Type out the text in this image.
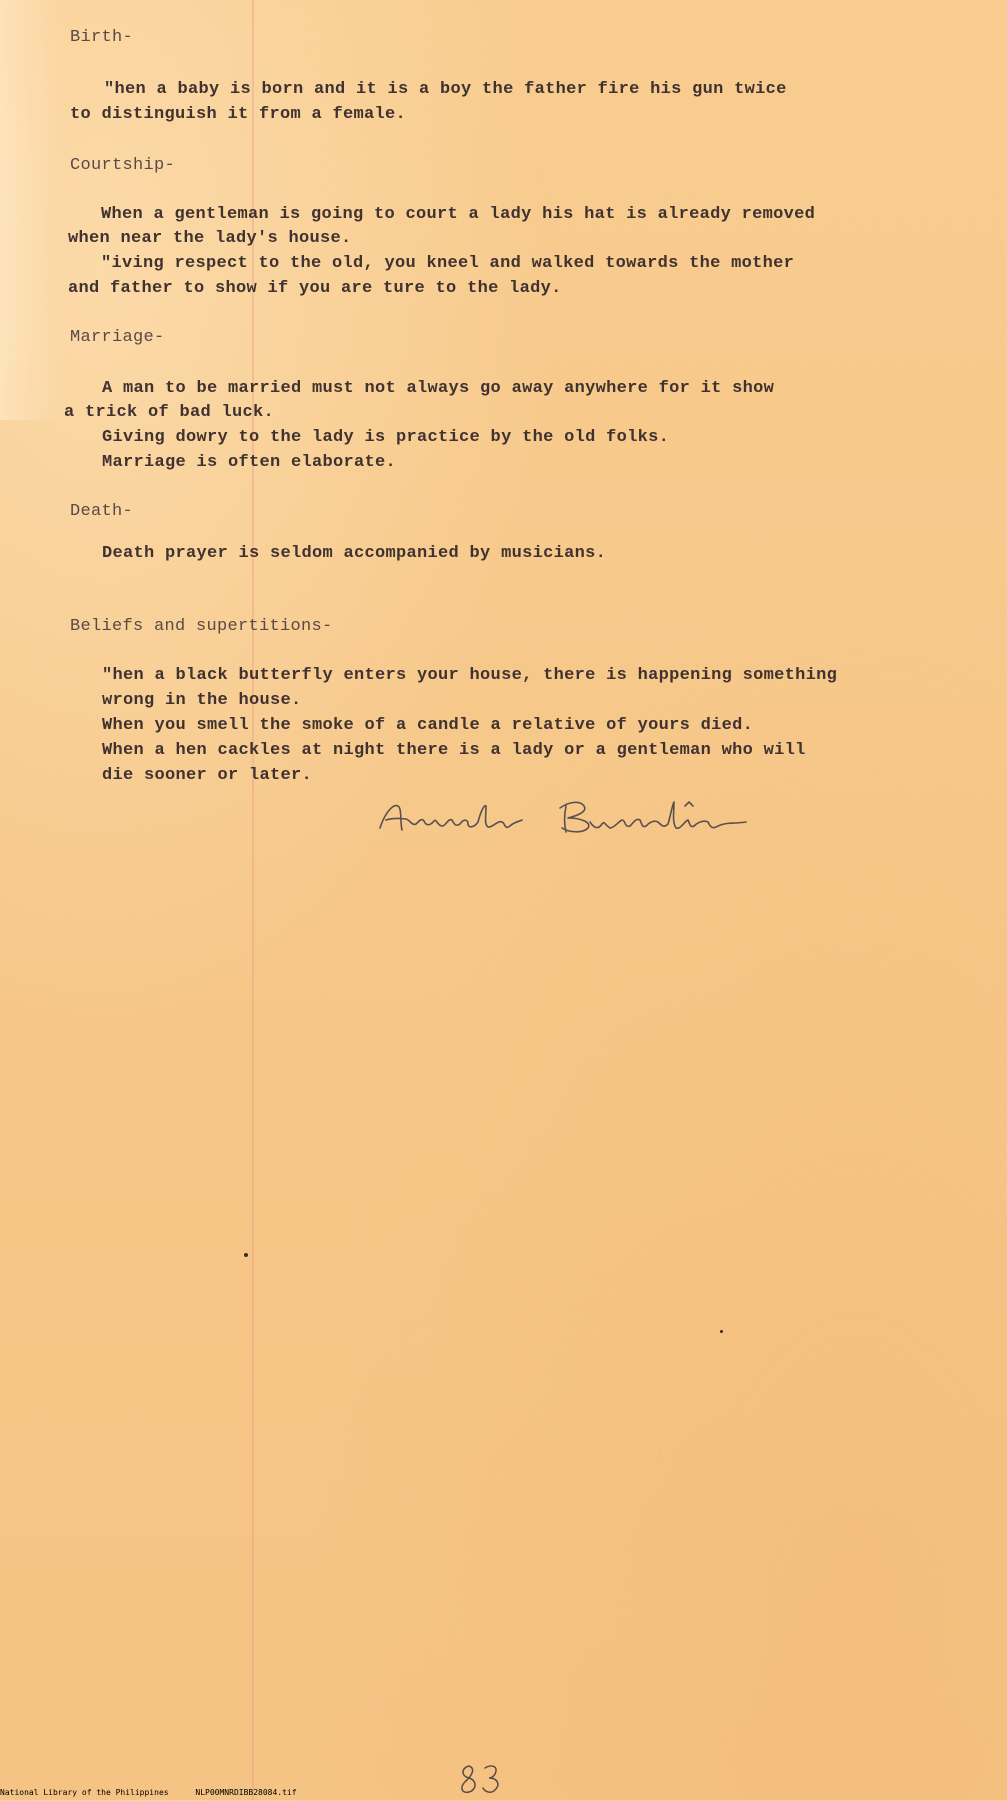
Birth-
"hen a baby is born and it is a boy the father fire his gun twice
to distinguish it from a female.
Courtship-
When a gentleman is going to court a lady his hat is already removed
when near the lady's house.
"iving respect to the old, you kneel and walked towards the mother
and father to show if you are ture to the lady.
Marriage-
A man to be married must not always go away anywhere for it show
a trick of bad luck.
Giving dowry to the lady is practice by the old folks.
Marriage is often elaborate.
Death-
Death prayer is seldom accompanied by musicians.
Beliefs and supertitions-
"hen a black butterfly enters your house, there is happening something
wrong in the house.
When you smell the smoke of a candle a relative of yours died.
When a hen cackles at night there is a lady or a gentleman who will
die sooner or later.
National Library of the Philippines	NLP00MNRDIBB28084.tif
